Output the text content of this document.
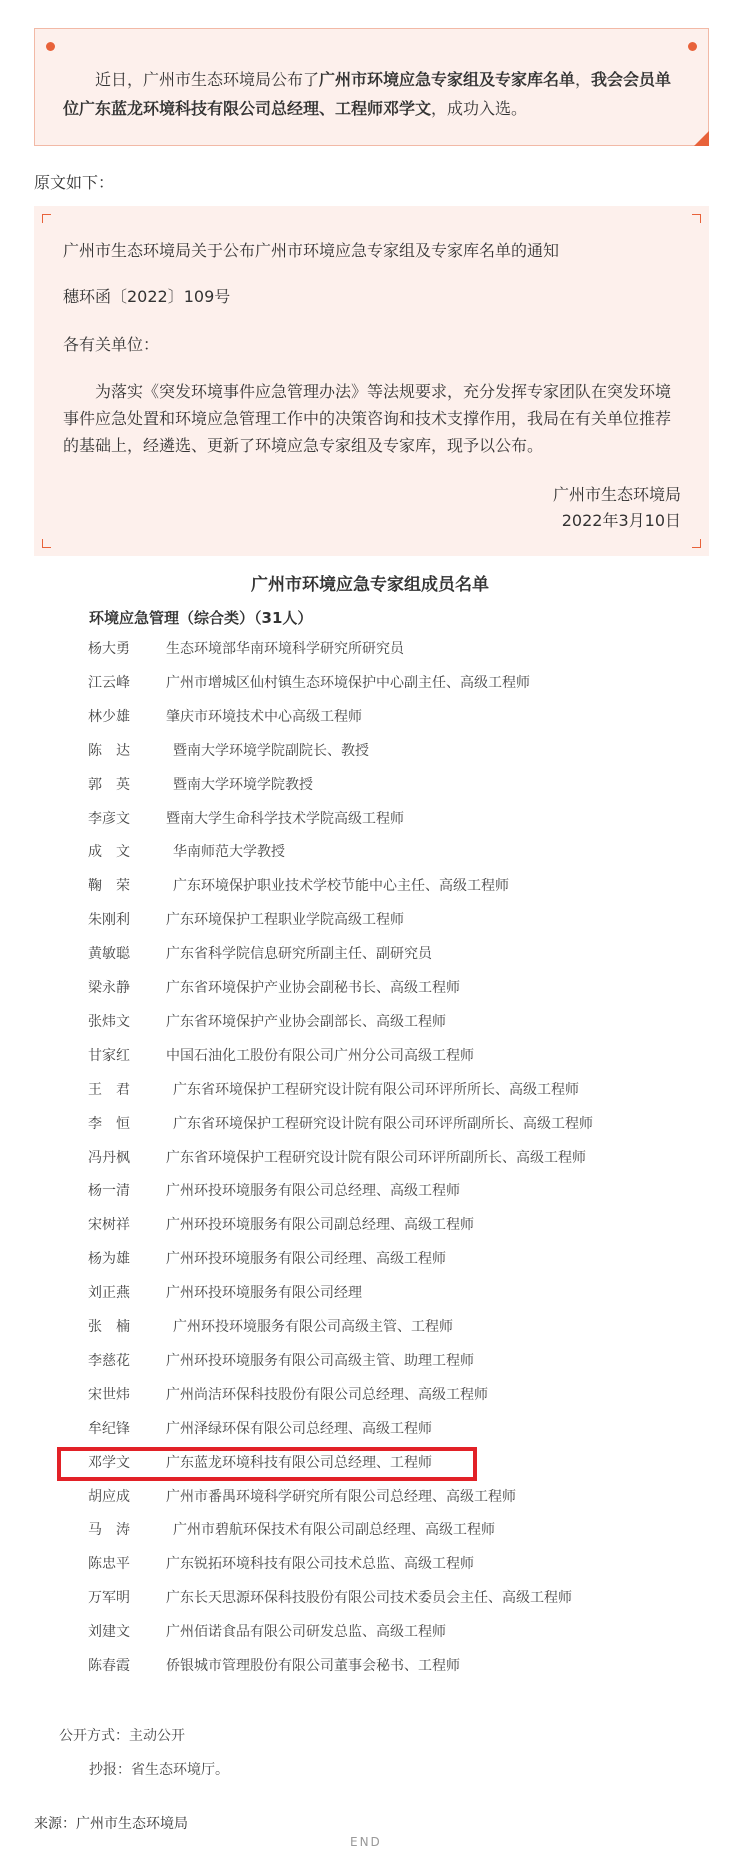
近日，广州市生态环境局公布了广州市环境应急专家组及专家库名单，我会会员单位广东蓝龙环境科技有限公司总经理、工程师邓学文，成功入选。

原文如下：
广州市生态环境局关于公布广州市环境应急专家组及专家库名单的通知
穗环函〔2022〕109号
各有关单位：

为落实《突发环境事件应急管理办法》等法规要求，充分发挥专家团队在突发环境事件应急处置和环境应急管理工作中的决策咨询和技术支撑作用，我局在有关单位推荐的基础上，经遴选、更新了环境应急专家组及专家库，现予以公布。

广州市生态环境局
2022年3月10日
广州市环境应急专家组成员名单
环境应急管理（综合类）（31人）
杨大勇	生态环境部华南环境科学研究所研究员
江云峰	广州市增城区仙村镇生态环境保护中心副主任、高级工程师
林少雄	肇庆市环境技术中心高级工程师
陈　达	暨南大学环境学院副院长、教授
郭　英	暨南大学环境学院教授
李彦文	暨南大学生命科学技术学院高级工程师
成　文	华南师范大学教授
鞠　荣	广东环境保护职业技术学校节能中心主任、高级工程师
朱刚利	广东环境保护工程职业学院高级工程师
黄敏聪	广东省科学院信息研究所副主任、副研究员
梁永静	广东省环境保护产业协会副秘书长、高级工程师
张炜文	广东省环境保护产业协会副部长、高级工程师
甘家红	中国石油化工股份有限公司广州分公司高级工程师
王　君	广东省环境保护工程研究设计院有限公司环评所所长、高级工程师
李　恒	广东省环境保护工程研究设计院有限公司环评所副所长、高级工程师
冯丹枫	广东省环境保护工程研究设计院有限公司环评所副所长、高级工程师
杨一清	广州环投环境服务有限公司总经理、高级工程师
宋树祥	广州环投环境服务有限公司副总经理、高级工程师
杨为雄	广州环投环境服务有限公司经理、高级工程师
刘正燕	广州环投环境服务有限公司经理
张　楠	广州环投环境服务有限公司高级主管、工程师
李慈花	广州环投环境服务有限公司高级主管、助理工程师
宋世炜	广州尚洁环保科技股份有限公司总经理、高级工程师
牟纪锋	广州泽绿环保有限公司总经理、高级工程师
邓学文	广东蓝龙环境科技有限公司总经理、工程师
胡应成	广州市番禺环境科学研究所有限公司总经理、高级工程师
马　涛	广州市碧航环保技术有限公司副总经理、高级工程师
陈忠平	广东锐拓环境科技有限公司技术总监、高级工程师
万军明	广东长天思源环保科技股份有限公司技术委员会主任、高级工程师
刘建文	广州佰诺食品有限公司研发总监、高级工程师
陈春霞	侨银城市管理股份有限公司董事会秘书、工程师
公开方式：主动公开
抄报：省生态环境厅。
来源：广州市生态环境局
END
